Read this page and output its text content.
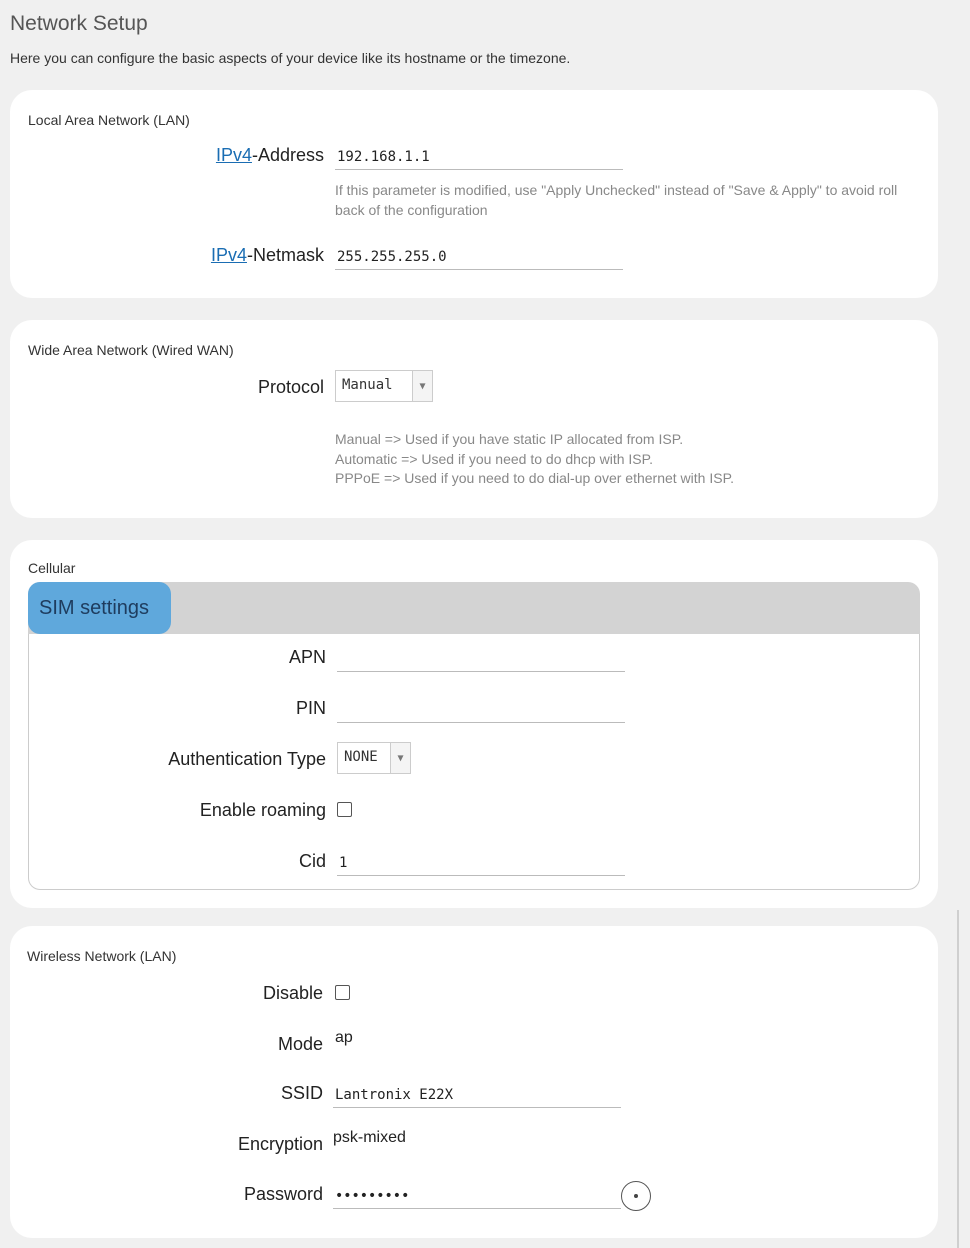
Network Setup
Here you can configure the basic aspects of your device like its hostname or the timezone.
Local Area Network (LAN)
IPv4-Address
192.168.1.1
If this parameter is modified, use "Apply Unchecked" instead of "Save & Apply" to avoid roll back of the configuration
IPv4-Netmask
255.255.255.0
Wide Area Network (Wired WAN)
Protocol Manual	▼
Manual => Used if you have static IP allocated from ISP.
Automatic => Used if you need to do dhcp with ISP.
PPPoE => Used if you need to do dial-up over ethernet with ISP.
Cellular
SIM settings
APN
PIN
Authentication Type NONE	▼
Enable roaming
Cid
1
Wireless Network (LAN)
Disable
Mode ap
SSID
Lantronix E22X
Encryption psk-mixed
Password •••••••••
